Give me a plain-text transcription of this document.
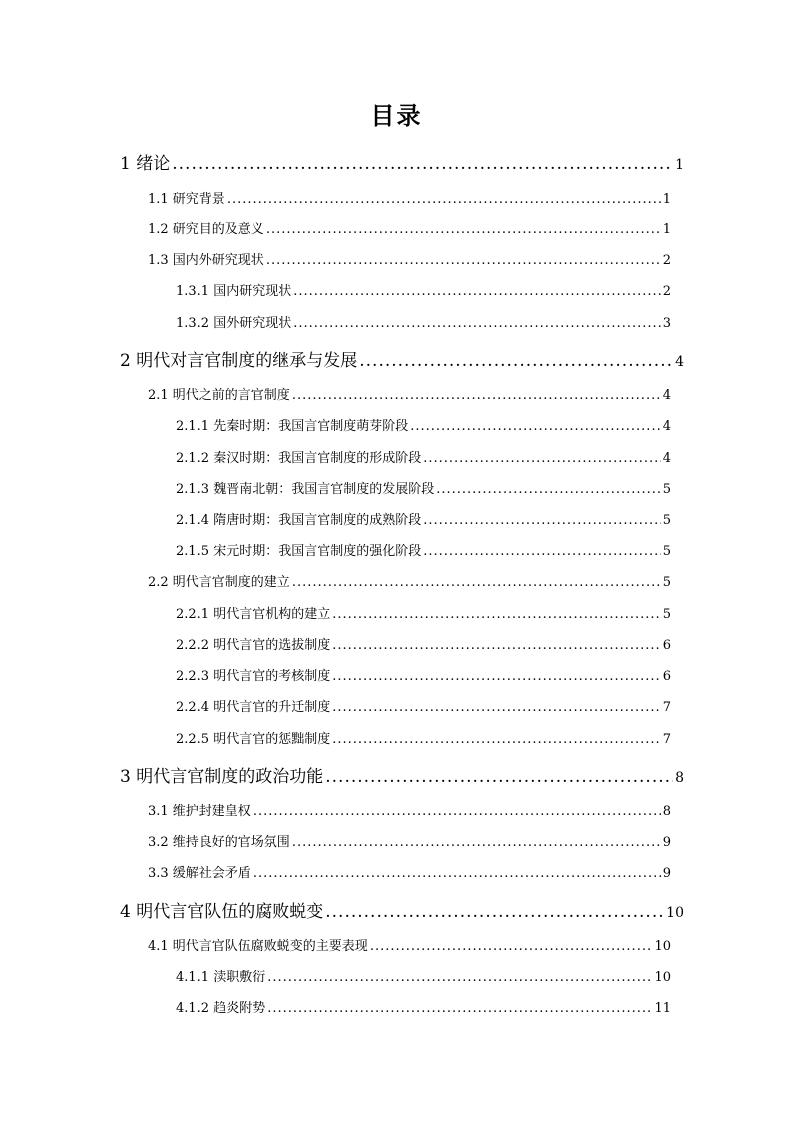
目录
1 绪论 .....	1
1.1 研究背景 .....	1
1.2 研究目的及意义 .....	1
1.3 国内外研究现状 .....	2
1.3.1 国内研究现状 .....	2
1.3.2 国外研究现状 .....	3
2 明代对言官制度的继承与发展 .....	4
2.1 明代之前的言官制度 .....	4
2.1.1 先秦时期：我国言官制度萌芽阶段 .....	4
2.1.2 秦汉时期：我国言官制度的形成阶段 .....	4
2.1.3 魏晋南北朝：我国言官制度的发展阶段 .....	5
2.1.4 隋唐时期：我国言官制度的成熟阶段 .....	5
2.1.5 宋元时期：我国言官制度的强化阶段 .....	5
2.2 明代言官制度的建立 .....	5
2.2.1 明代言官机构的建立 .....	5
2.2.2 明代言官的选拔制度 .....	6
2.2.3 明代言官的考核制度 .....	6
2.2.4 明代言官的升迁制度 .....	7
2.2.5 明代言官的惩黜制度 .....	7
3 明代言官制度的政治功能 .....	8
3.1 维护封建皇权 .....	8
3.2 维持良好的官场氛围 .....	9
3.3 缓解社会矛盾 .....	9
4 明代言官队伍的腐败蜕变 .....	10
4.1 明代言官队伍腐败蜕变的主要表现 .....	10
4.1.1 渎职敷衍 .....	10
4.1.2 趋炎附势 .....	11
